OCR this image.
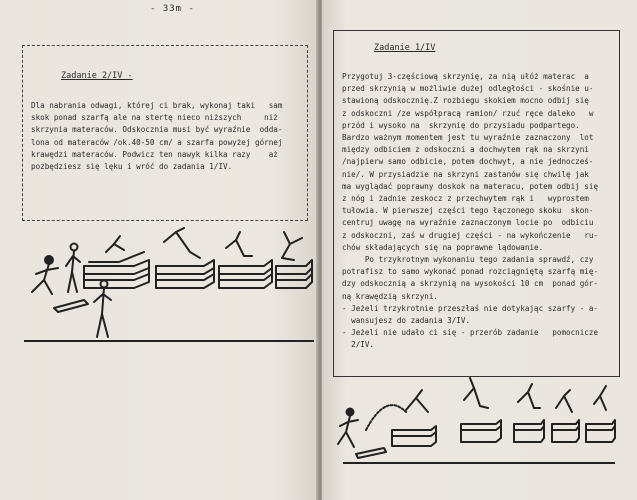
- 33m -
Zadanie 2/IV -
Dla nabrania odwagi, której ci brak, wykonaj taki   sam
skok ponad szarfą ale na stertę nieco niższych     niż
skrzynia materaców. Odskocznia musi być wyraźnie  odda-
lona od materaców /ok.40-50 cm/ a szarfa powyżej górnej
krawędzi materaców. Podwicz ten nawyk kilka razy    aż
pozbędziesz się lęku i wróć do zadania 1/IV.
Zadanie 1/IV
Przygotuj 3-częściową skrzynię, za nią ułóż materac  a
przed skrzynią w możliwie dużej odległości - skośnie u-
stawioną odskocznię.Z rozbiegu skokiem mocno odbij się
z odskoczni /ze współpracą ramion/ rzuć ręce daleko   w
przód i wysoko na  skrzynię do przysiadu podpartego.
Bardzo ważnym momentem jest tu wyraźnie zaznaczony  lot
między odbiciem z odskoczni a dochwytem rąk na skrzyni
/najpierw samo odbicie, potem dochwyt, a nie jednocześ-
nie/. W przysiadzie na skrzyni zastanów się chwilę jak
ma wyglądać poprawny doskok na materacu, potem odbij się
z nóg i żadnie zeskocz z przechwytem rąk i   wyprostem
tułowia. W pierwszej części tego łączonego skoku  skon-
centruj uwagę na wyraźnie zaznaczonym locie po  odbiciu
z odskoczni, zaś w drugiej części - na wykończenie   ru-
chów składających się na poprawne lądowanie.
Po trzykrotnym wykonaniu tego zadania sprawdź, czy
potrafisz to samo wykonać ponad rozciągniętą szarfą mię-
dzy odskocznią a skrzynią na wysokości 10 cm  ponad gór-
ną krawędzią skrzyni.
- Jeżeli trzykrotnie przeszłaś nie dotykając szarfy - a-
wansujesz do zadania 3/IV.
- Jeżeli nie udało ci się - przerób zadanie   pomocnicze
2/IV.
